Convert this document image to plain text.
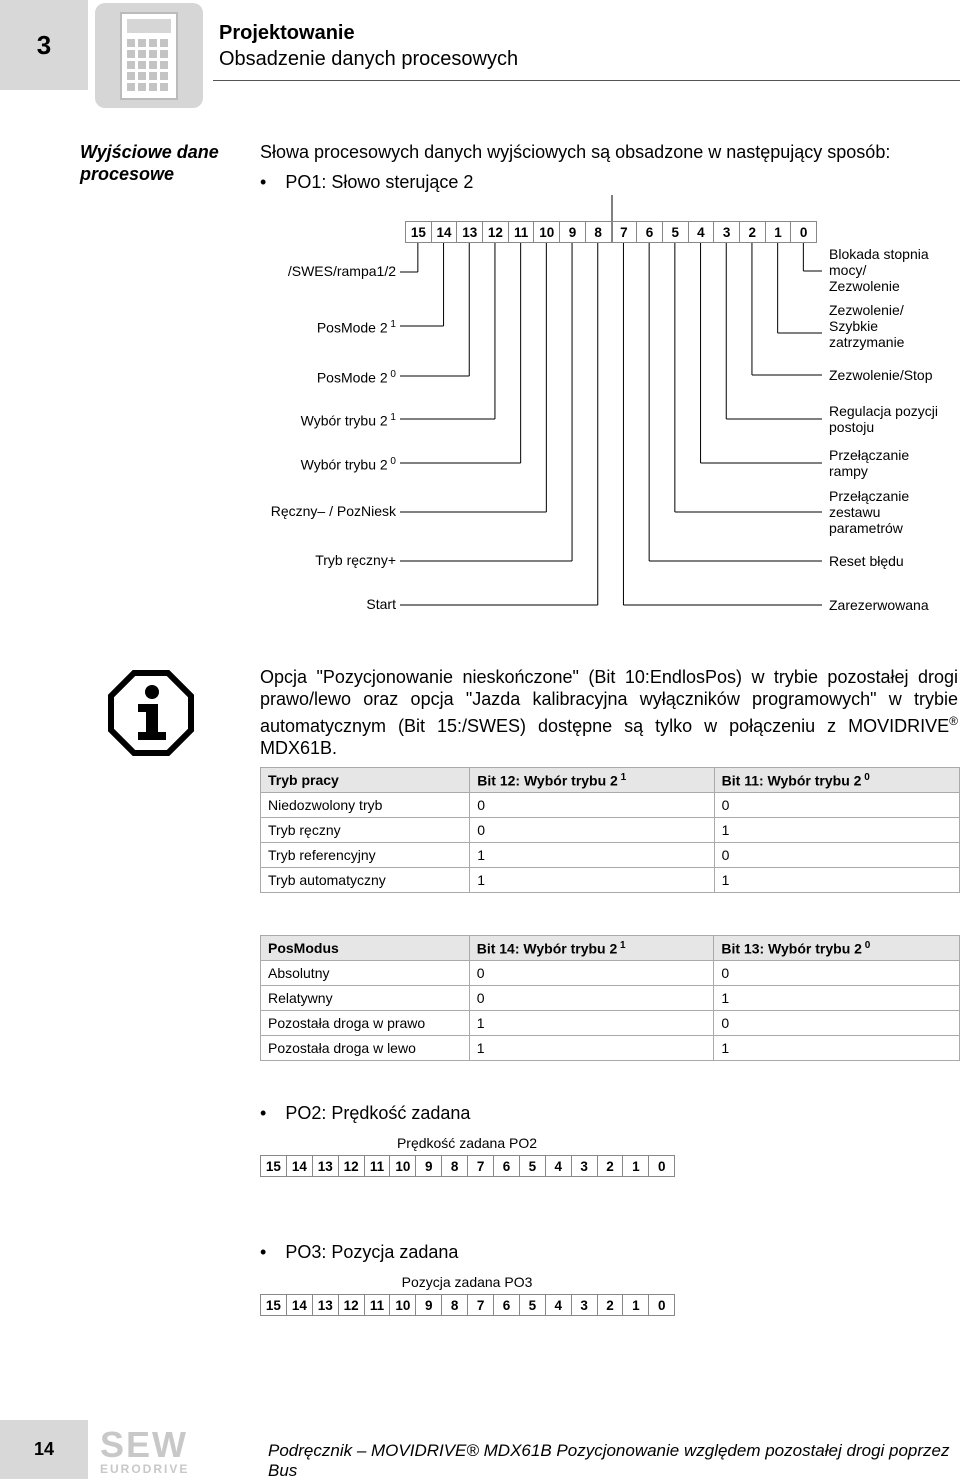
3	Projektowanie
Obsadzenie danych procesowych
Wyjściowe dane
procesowe
Słowa procesowych danych wyjściowych są obsadzone w następujący sposób:
• PO1: Słowo sterujące 2
15	14	13	12	11	10	9	8	7	6	5	4	3	2	1	0
/SWES/rampa1/2
PosMode 2 $^1$
PosMode 2 $^0$
Wybór trybu 2 $^1$
Wybór trybu 2 $^0$
Ręczny– / PozNiesk
Tryb ręczny+
Start
Blokada stopnia
mocy/
Zezwolenie
Zezwolenie/
Szybkie
zatrzymanie
Zezwolenie/Stop
Regulacja pozycji
postoju
Przełączanie
rampy
Przełączanie
zestawu
parametrów
Reset błędu
Zarezerwowana
Opcja "Pozycjonowanie nieskończone" (Bit 10:EndlosPos) w trybie pozostałej drogi prawo/lewo oraz opcja "Jazda kalibracyjna wyłączników programowych" w trybie automatycznym (Bit 15:/SWES) dostępne są tylko w połączeniu z MOVIDRIVE® MDX61B.
Tryb pracy	Bit 12: Wybór trybu 2 $^1$	Bit 11: Wybór trybu 2 $^0$
Niedozwolony tryb	0	0
Tryb ręczny	0	1
Tryb referencyjny	1	0
Tryb automatyczny	1	1
PosModus	Bit 14: Wybór trybu 2 $^1$	Bit 13: Wybór trybu 2 $^0$
Absolutny	0	0
Relatywny	0	1
Pozostała droga w prawo	1	0
Pozostała droga w lewo	1	1
• PO2: Prędkość zadana
Prędkość zadana PO2
15	14	13	12	11	10	9	8	7	6	5	4	3	2	1	0
• PO3: Pozycja zadana
Pozycja zadana PO3
15	14	13	12	11	10	9	8	7	6	5	4	3	2	1	0
14	SEW
EURODRIVE
Podręcznik – MOVIDRIVE® MDX61B Pozycjonowanie względem pozostałej drogi poprzez Bus
